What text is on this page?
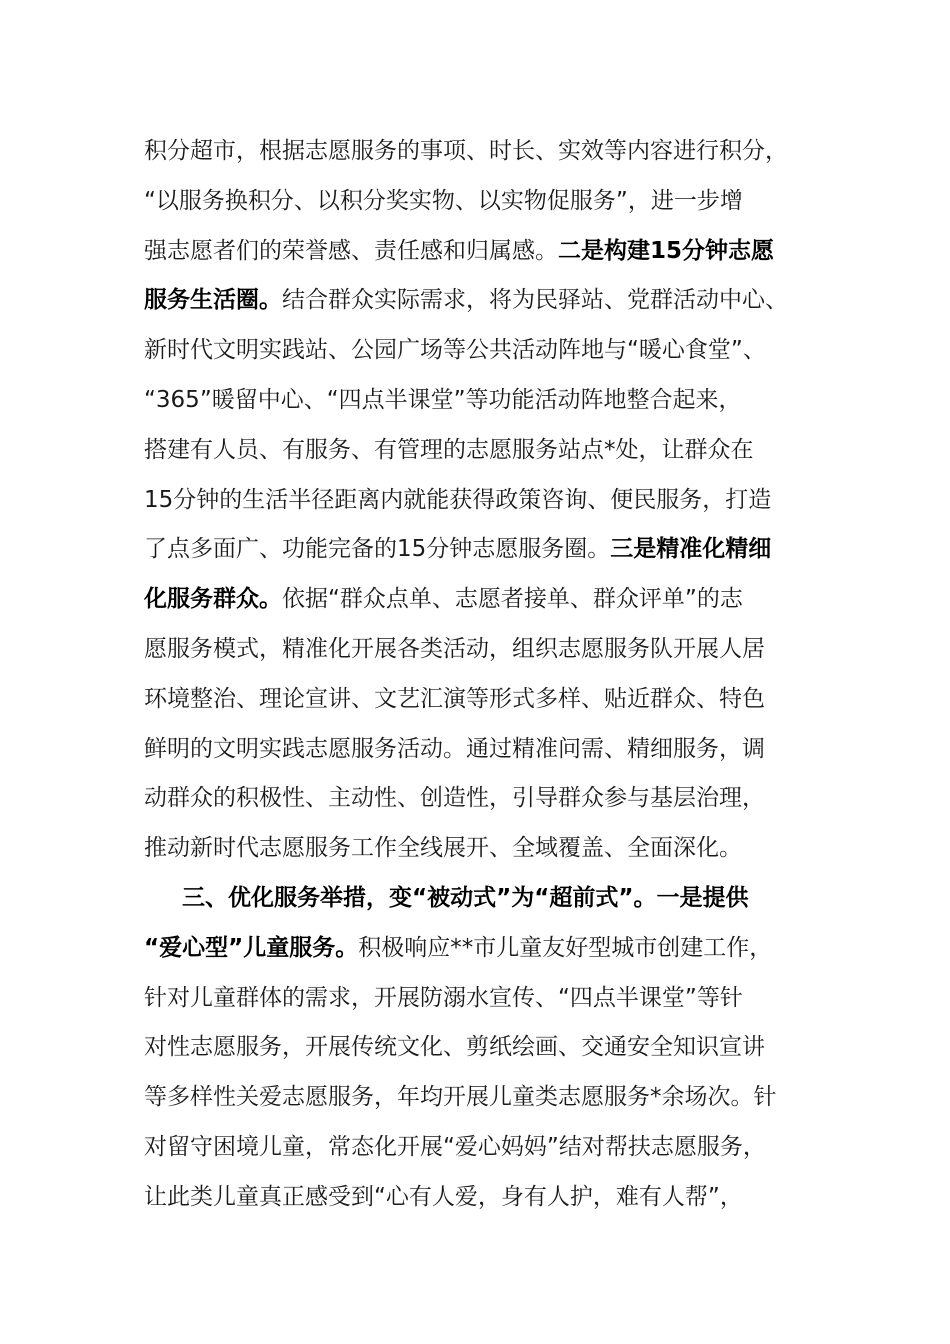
积分超市，根据志愿服务的事项、时长、实效等内容进行积分，
“以服务换积分、以积分奖实物、以实物促服务”，进一步增
强志愿者们的荣誉感、责任感和归属感。二是构建15分钟志愿
服务生活圈。结合群众实际需求，将为民驿站、党群活动中心、
新时代文明实践站、公园广场等公共活动阵地与“暖心食堂”、
“365”暖留中心、“四点半课堂”等功能活动阵地整合起来，
搭建有人员、有服务、有管理的志愿服务站点*处，让群众在
15分钟的生活半径距离内就能获得政策咨询、便民服务，打造
了点多面广、功能完备的15分钟志愿服务圈。三是精准化精细
化服务群众。依据“群众点单、志愿者接单、群众评单”的志
愿服务模式，精准化开展各类活动，组织志愿服务队开展人居
环境整治、理论宣讲、文艺汇演等形式多样、贴近群众、特色
鲜明的文明实践志愿服务活动。通过精准问需、精细服务，调
动群众的积极性、主动性、创造性，引导群众参与基层治理，
推动新时代志愿服务工作全线展开、全域覆盖、全面深化。
三、优化服务举措，变“被动式”为“超前式”。一是提供
“爱心型”儿童服务。积极响应**市儿童友好型城市创建工作，
针对儿童群体的需求，开展防溺水宣传、“四点半课堂”等针
对性志愿服务，开展传统文化、剪纸绘画、交通安全知识宣讲
等多样性关爱志愿服务，年均开展儿童类志愿服务*余场次。针
对留守困境儿童，常态化开展“爱心妈妈”结对帮扶志愿服务，
让此类儿童真正感受到“心有人爱，身有人护，难有人帮”，
